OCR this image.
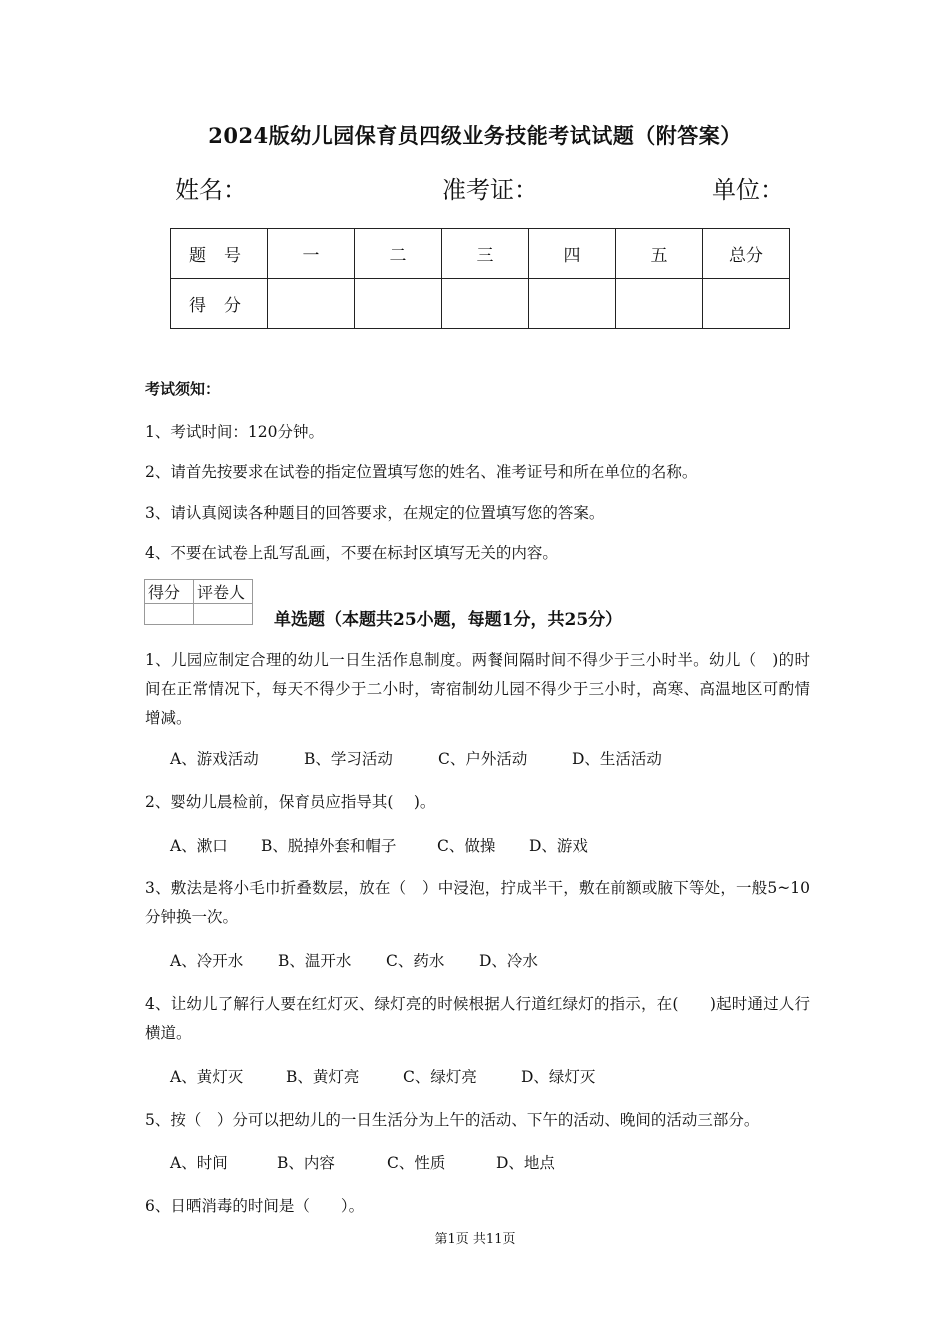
2024版幼儿园保育员四级业务技能考试试题（附答案）
姓名：	准考证：	单位：
题号	一	二	三	四	五	总分
得分						
考试须知：
1、考试时间：120分钟。
2、请首先按要求在试卷的指定位置填写您的姓名、准考证号和所在单位的名称。
3、请认真阅读各种题目的回答要求，在规定的位置填写您的答案。
4、不要在试卷上乱写乱画，不要在标封区填写无关的内容。
得分	评卷人

单选题（本题共25小题，每题1分，共25分）
1、儿园应制定合理的幼儿一日生活作息制度。两餐间隔时间不得少于三小时半。幼儿（　)的时间在正常情况下，每天不得少于二小时，寄宿制幼儿园不得少于三小时，高寒、高温地区可酌情增减。
A、游戏活动	B、学习活动	C、户外活动	D、生活活动
2、婴幼儿晨检前，保育员应指导其(　 )。
A、漱口 B、脱掉外套和帽子	C、做操 D、游戏
3、敷法是将小毛巾折叠数层，放在（　）中浸泡，拧成半干，敷在前额或腋下等处，一般5~10分钟换一次。
A、冷开水 B、温开水 C、药水 D、冷水
4、让幼儿了解行人要在红灯灭、绿灯亮的时候根据人行道红绿灯的指示，在(　　)起时通过人行横道。
A、黄灯灭	B、黄灯亮	C、绿灯亮	D、绿灯灭
5、按（　）分可以把幼儿的一日生活分为上午的活动、下午的活动、晚间的活动三部分。
A、时间	B、内容	C、性质	D、地点
6、日晒消毒的时间是（　　）。
第1页 共11页
